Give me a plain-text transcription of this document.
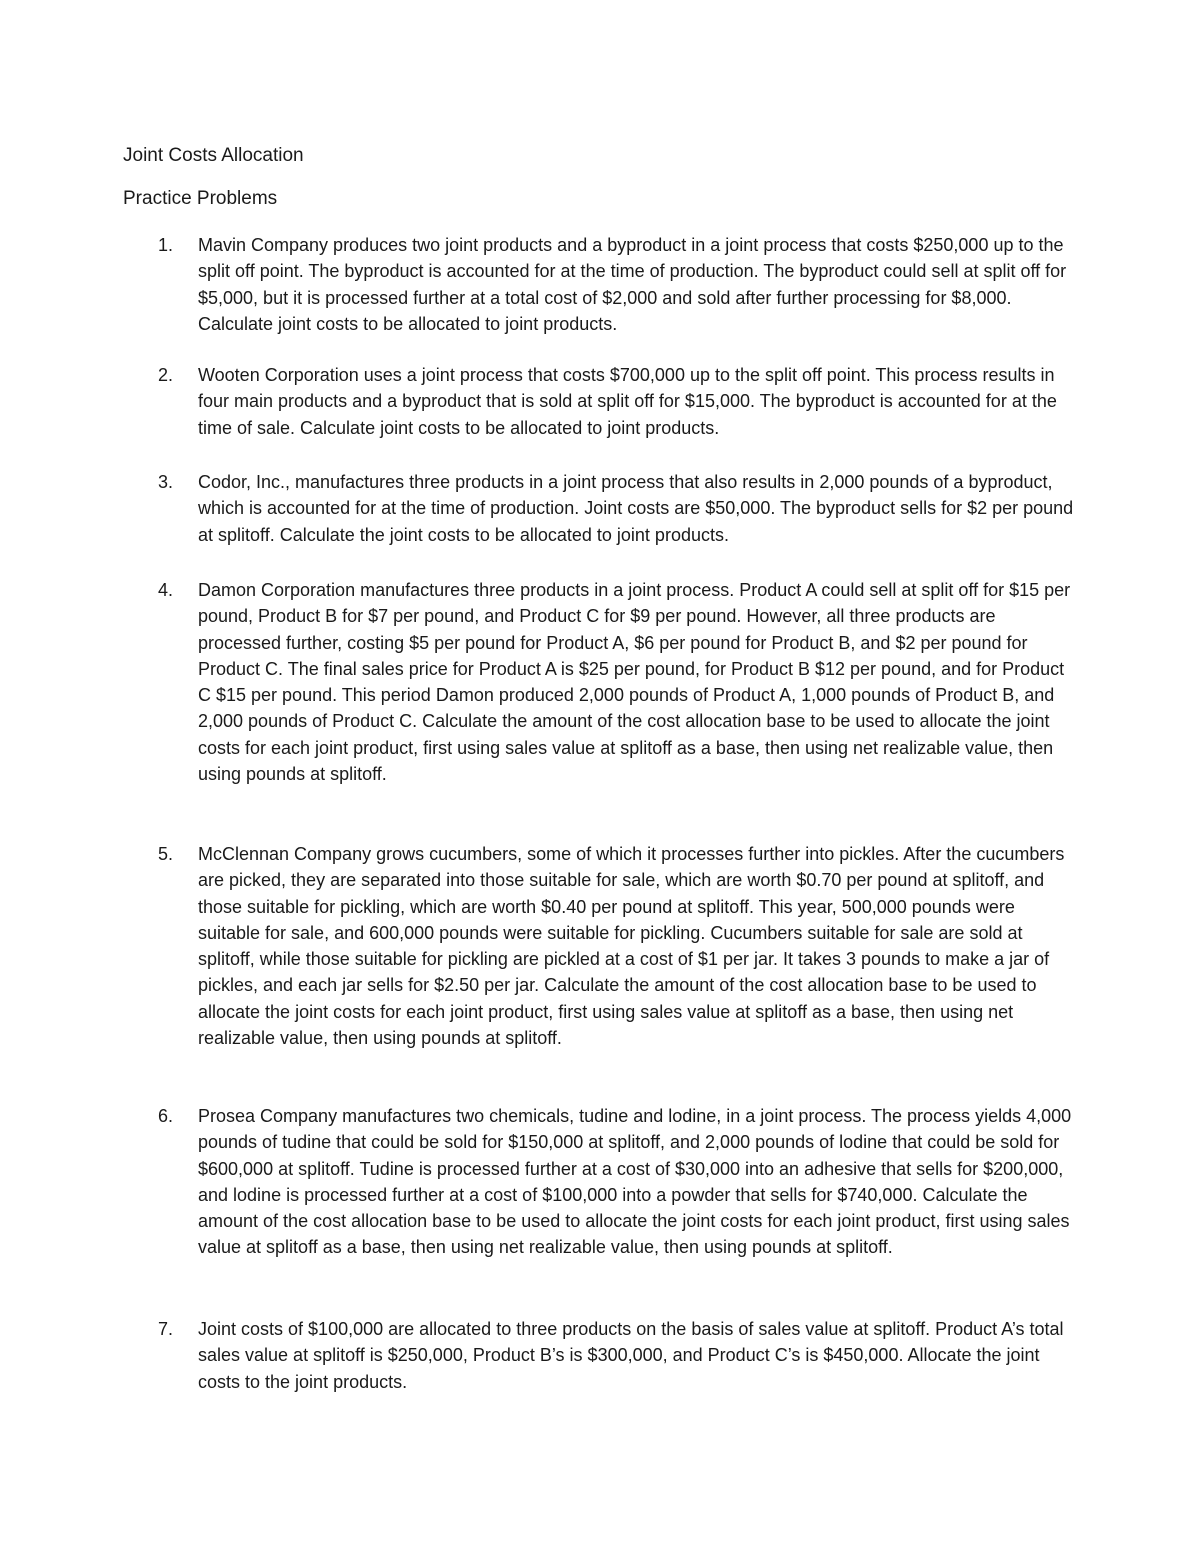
Joint Costs Allocation
Practice Problems
1.	Mavin Company produces two joint products and a byproduct in a joint process that costs $250,000 up to the split off point. The byproduct is accounted for at the time of production. The byproduct could sell at split off for $5,000, but it is processed further at a total cost of $2,000 and sold after further processing for $8,000. Calculate joint costs to be allocated to joint products.
2.	Wooten Corporation uses a joint process that costs $700,000 up to the split off point. This process results in four main products and a byproduct that is sold at split off for $15,000. The byproduct is accounted for at the time of sale. Calculate joint costs to be allocated to joint products.
3.	Codor, Inc., manufactures three products in a joint process that also results in 2,000 pounds of a byproduct, which is accounted for at the time of production. Joint costs are $50,000. The byproduct sells for $2 per pound at splitoff. Calculate the joint costs to be allocated to joint products.
4.	Damon Corporation manufactures three products in a joint process. Product A could sell at split off for $15 per pound, Product B for $7 per pound, and Product C for $9 per pound. However, all three products are processed further, costing $5 per pound for Product A, $6 per pound for Product B, and $2 per pound for Product C. The final sales price for Product A is $25 per pound, for Product B $12 per pound, and for Product C $15 per pound. This period Damon produced 2,000 pounds of Product A, 1,000 pounds of Product B, and 2,000 pounds of Product C. Calculate the amount of the cost allocation base to be used to allocate the joint costs for each joint product, first using sales value at splitoff as a base, then using net realizable value, then using pounds at splitoff.
5.	McClennan Company grows cucumbers, some of which it processes further into pickles. After the cucumbers are picked, they are separated into those suitable for sale, which are worth $0.70 per pound at splitoff, and those suitable for pickling, which are worth $0.40 per pound at splitoff. This year, 500,000 pounds were suitable for sale, and 600,000 pounds were suitable for pickling. Cucumbers suitable for sale are sold at splitoff, while those suitable for pickling are pickled at a cost of $1 per jar. It takes 3 pounds to make a jar of pickles, and each jar sells for $2.50 per jar. Calculate the amount of the cost allocation base to be used to allocate the joint costs for each joint product, first using sales value at splitoff as a base, then using net realizable value, then using pounds at splitoff.
6.	Prosea Company manufactures two chemicals, tudine and lodine, in a joint process. The process yields 4,000 pounds of tudine that could be sold for $150,000 at splitoff, and 2,000 pounds of lodine that could be sold for $600,000 at splitoff. Tudine is processed further at a cost of $30,000 into an adhesive that sells for $200,000, and lodine is processed further at a cost of $100,000 into a powder that sells for $740,000. Calculate the amount of the cost allocation base to be used to allocate the joint costs for each joint product, first using sales value at splitoff as a base, then using net realizable value, then using pounds at splitoff.
7.	Joint costs of $100,000 are allocated to three products on the basis of sales value at splitoff. Product A’s total sales value at splitoff is $250,000, Product B’s is $300,000, and Product C’s is $450,000. Allocate the joint costs to the joint products.
